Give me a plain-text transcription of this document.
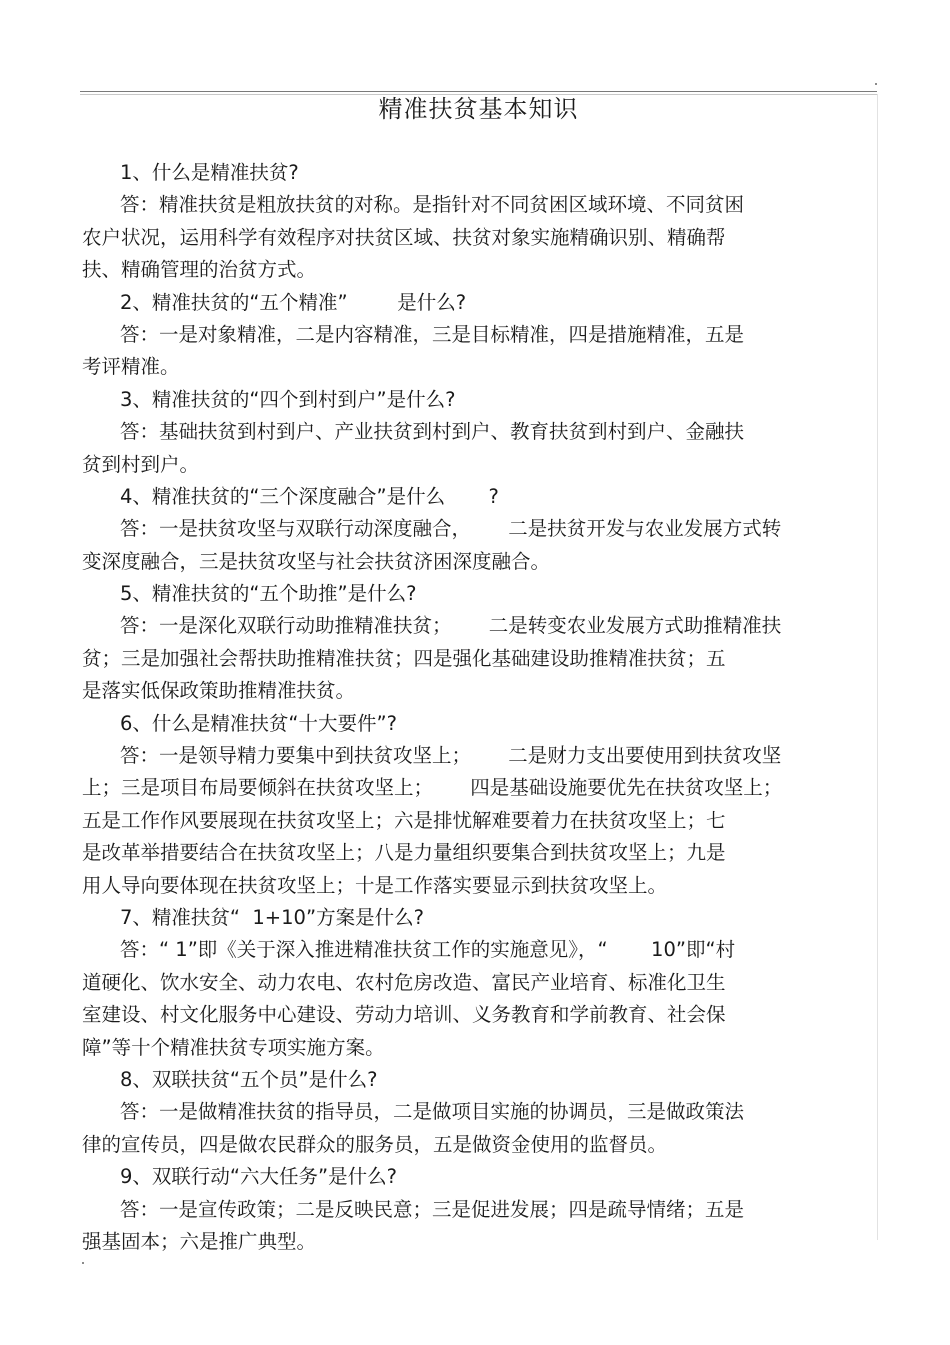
精准扶贫基本知识
1、什么是精准扶贫?
答：精准扶贫是粗放扶贫的对称。是指针对不同贫困区域环境、不同贫困
农户状况，运用科学有效程序对扶贫区域、扶贫对象实施精确识别、精确帮
扶、精确管理的治贫方式。
2、精准扶贫的“五个精准”        是什么?
答：一是对象精准，二是内容精准，三是目标精准，四是措施精准，五是
考评精准。
3、精准扶贫的“四个到村到户”是什么?
答：基础扶贫到村到户、产业扶贫到村到户、教育扶贫到村到户、金融扶
贫到村到户。
4、精准扶贫的“三个深度融合”是什么       ?
答：一是扶贫攻坚与双联行动深度融合，      二是扶贫开发与农业发展方式转
变深度融合，三是扶贫攻坚与社会扶贫济困深度融合。
5、精准扶贫的“五个助推”是什么?
答：一是深化双联行动助推精准扶贫；      二是转变农业发展方式助推精准扶
贫；三是加强社会帮扶助推精准扶贫；四是强化基础建设助推精准扶贫；五
是落实低保政策助推精准扶贫。
6、什么是精准扶贫“十大要件”?
答：一是领导精力要集中到扶贫攻坚上；      二是财力支出要使用到扶贫攻坚
上；三是项目布局要倾斜在扶贫攻坚上；      四是基础设施要优先在扶贫攻坚上；
五是工作作风要展现在扶贫攻坚上；六是排忧解难要着力在扶贫攻坚上；七
是改革举措要结合在扶贫攻坚上；八是力量组织要集合到扶贫攻坚上；九是
用人导向要体现在扶贫攻坚上；十是工作落实要显示到扶贫攻坚上。
7、精准扶贫“  1+10”方案是什么?
答：“ 1”即《关于深入推进精准扶贫工作的实施意见》，“       10”即“村
道硬化、饮水安全、动力农电、农村危房改造、富民产业培育、标准化卫生
室建设、村文化服务中心建设、劳动力培训、义务教育和学前教育、社会保
障”等十个精准扶贫专项实施方案。
8、双联扶贫“五个员”是什么?
答：一是做精准扶贫的指导员，二是做项目实施的协调员，三是做政策法
律的宣传员，四是做农民群众的服务员，五是做资金使用的监督员。
9、双联行动“六大任务”是什么?
答：一是宣传政策；二是反映民意；三是促进发展；四是疏导情绪；五是
强基固本；六是推广典型。
